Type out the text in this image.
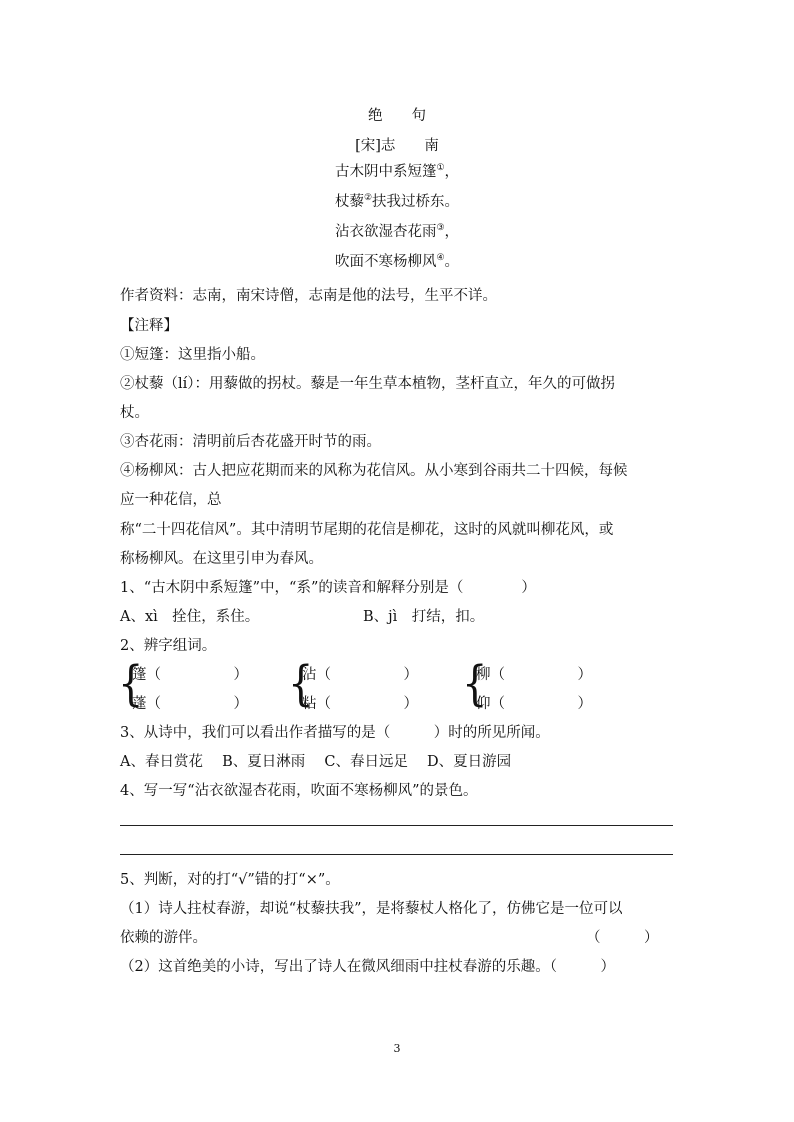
绝　　句
[宋]志　　南
古木阴中系短篷①，
杖藜②扶我过桥东。
沾衣欲湿杏花雨③，
吹面不寒杨柳风④。
作者资料：志南，南宋诗僧，志南是他的法号，生平不详。
【注释】
①短篷：这里指小船。
②杖藜（lí）：用藜做的拐杖。藜是一年生草本植物，茎杆直立，年久的可做拐
杖。
③杏花雨：清明前后杏花盛开时节的雨。
④杨柳风：古人把应花期而来的风称为花信风。从小寒到谷雨共二十四候，每候
应一种花信，总
称“二十四花信风”。其中清明节尾期的花信是柳花，这时的风就叫柳花风，或
称杨柳风。在这里引申为春风。
1、“古木阴中系短篷”中，“系”的读音和解释分别是（　　　　）
A、xì　拴住，系住。	B、jì　打结，扣。
2、辨字组词。
{
篷（　　　　　）
蓬（　　　　　） {
沾（　　　　　）
粘（　　　　　） {
柳（　　　　　）
仰（　　　　　）
3、从诗中，我们可以看出作者描写的是（　　　）时的所见所闻。
A、春日赏花　 B、夏日淋雨　 C、春日远足　 D、夏日游园
4、写一写“沾衣欲湿杏花雨，吹面不寒杨柳风”的景色。
5、判断，对的打“√”错的打“×”。
（1）诗人拄杖春游，却说“杖藜扶我”，是将藜杖人格化了，仿佛它是一位可以
依赖的游伴。	（　　　）
（2）这首绝美的小诗，写出了诗人在微风细雨中拄杖春游的乐趣。（　　　）
3
